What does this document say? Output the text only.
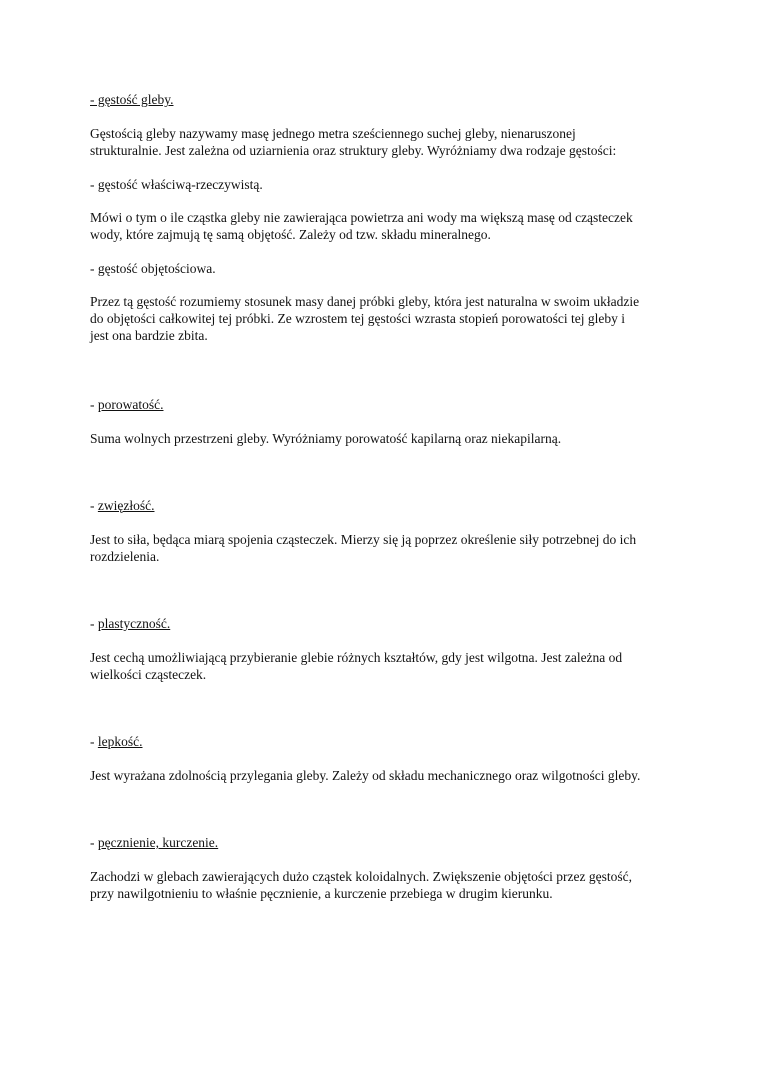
- gęstość gleby.

Gęstością gleby nazywamy masę jednego metra sześciennego suchej gleby, nienaruszonej
strukturalnie. Jest zależna od uziarnienia oraz struktury gleby. Wyróżniamy dwa rodzaje gęstości:

- gęstość właściwą-rzeczywistą.

Mówi o tym o ile cząstka gleby nie zawierająca powietrza ani wody ma większą masę od cząsteczek
wody, które zajmują tę samą objętość. Zależy od tzw. składu mineralnego.

- gęstość objętościowa.

Przez tą gęstość rozumiemy stosunek masy danej próbki gleby, która jest naturalna w swoim układzie
do objętości całkowitej tej próbki. Ze wzrostem tej gęstości wzrasta stopień porowatości tej gleby i
jest ona bardzie zbita.

- porowatość.

Suma wolnych przestrzeni gleby. Wyróżniamy porowatość kapilarną oraz niekapilarną.

- zwięzłość.

Jest to siła, będąca miarą spojenia cząsteczek. Mierzy się ją poprzez określenie siły potrzebnej do ich
rozdzielenia.

- plastyczność.

Jest cechą umożliwiającą przybieranie glebie różnych kształtów, gdy jest wilgotna. Jest zależna od
wielkości cząsteczek.

- lepkość.

Jest wyrażana zdolnością przylegania gleby. Zależy od składu mechanicznego oraz wilgotności gleby.

- pęcznienie, kurczenie.

Zachodzi w glebach zawierających dużo cząstek koloidalnych. Zwiększenie objętości przez gęstość,
przy nawilgotnieniu to właśnie pęcznienie, a kurczenie przebiega w drugim kierunku.
